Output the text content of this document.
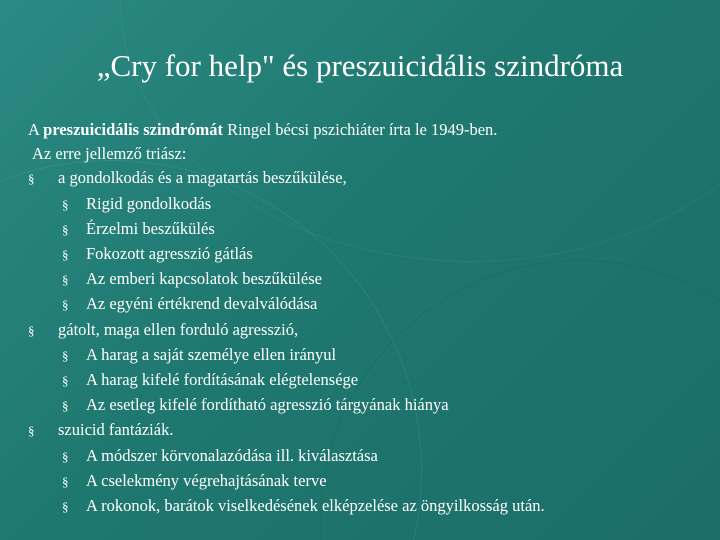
„Cry for help" és preszuicidális szindróma
A preszuicidális szindrómát Ringel bécsi pszichiáter írta le 1949-ben.
Az erre jellemző triász:
§	a gondolkodás és a magatartás beszűkülése,
§	Rigid gondolkodás
§	Érzelmi beszűkülés
§	Fokozott agresszió gátlás
§	Az emberi kapcsolatok beszűkülése
§	Az egyéni értékrend devalválódása
§	gátolt, maga ellen forduló agresszió,
§	A harag a saját személye ellen irányul
§	A harag kifelé fordításának elégtelensége
§	Az esetleg kifelé fordítható agresszió tárgyának hiánya
§	szuicid fantáziák.
§	A módszer körvonalazódása ill. kiválasztása
§	A cselekmény végrehajtásának terve
§	A rokonok, barátok viselkedésének elképzelése az öngyilkosság után.
